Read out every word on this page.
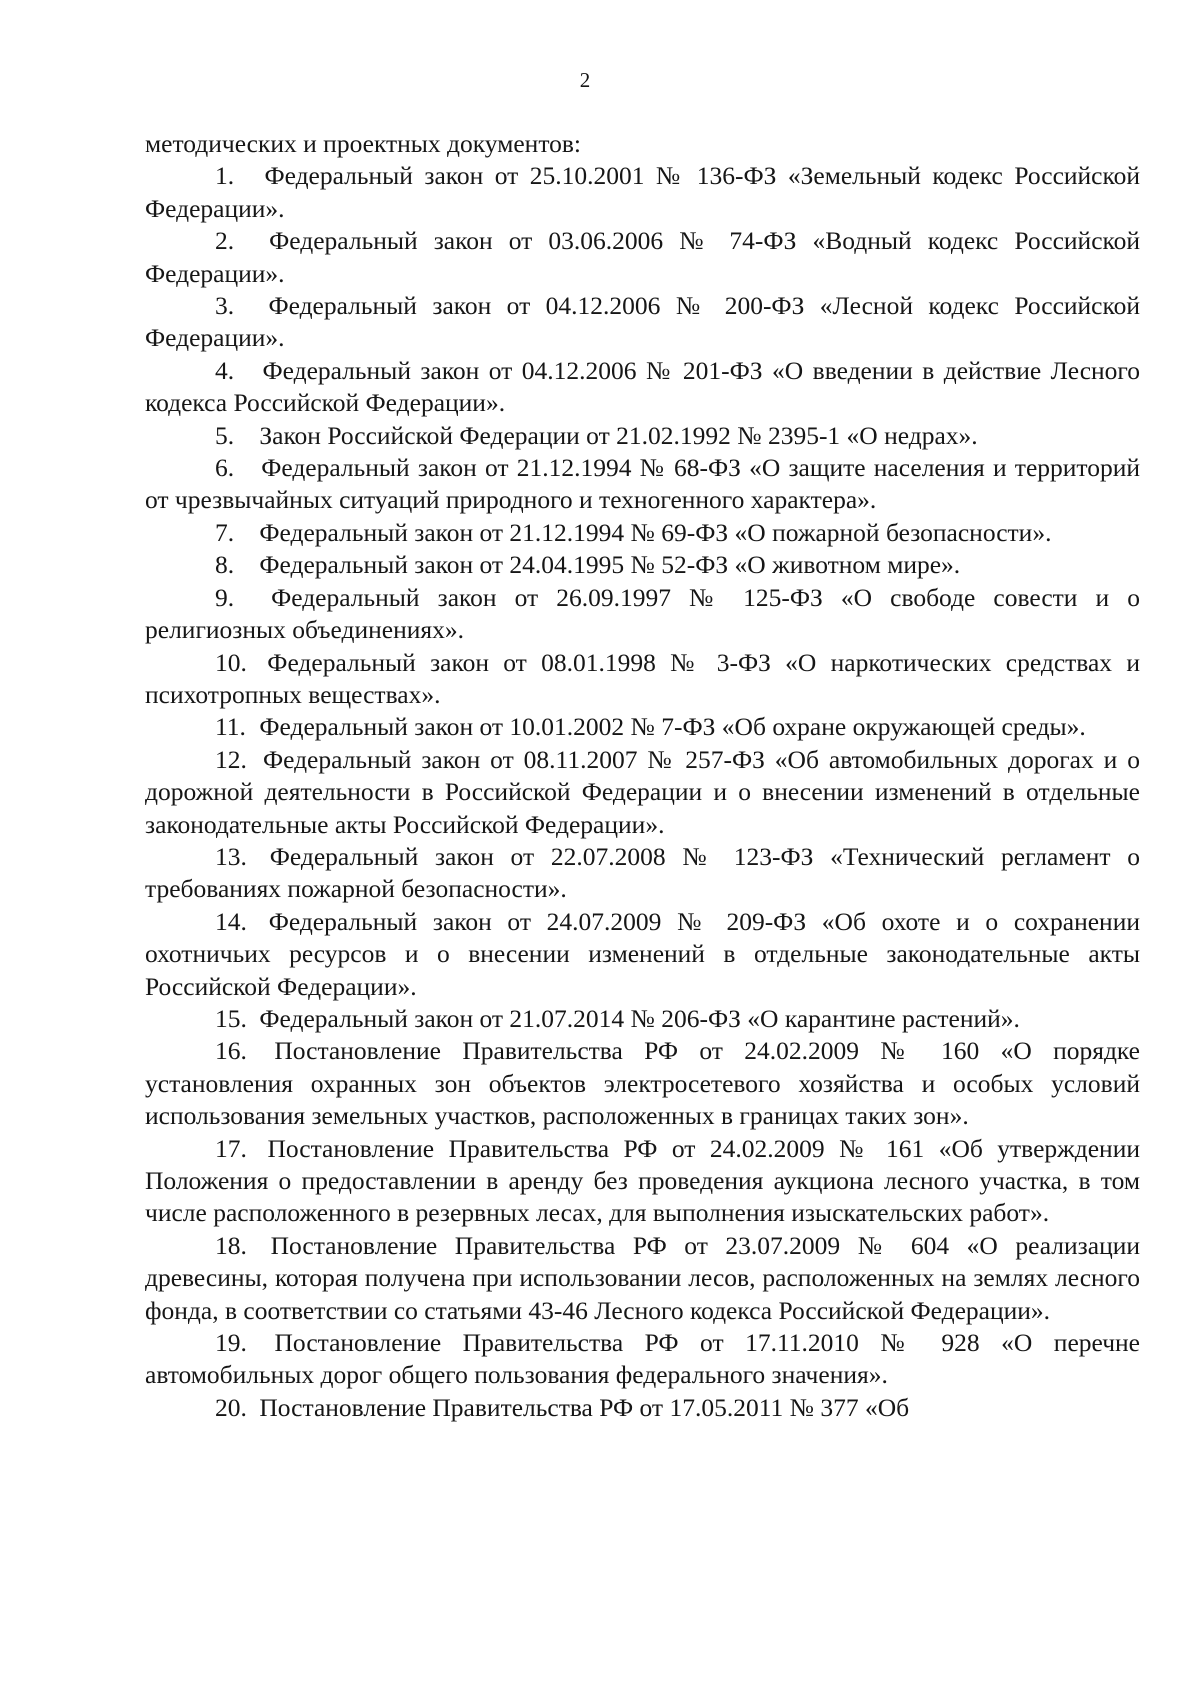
2

методических и проектных документов:

1. Федеральный закон от 25.10.2001 № 136-ФЗ «Земельный кодекс Российской Федерации».

2. Федеральный закон от 03.06.2006 № 74-ФЗ «Водный кодекс Российской Федерации».

3. Федеральный закон от 04.12.2006 № 200-ФЗ «Лесной кодекс Российской Федерации».

4. Федеральный закон от 04.12.2006 № 201-ФЗ «О введении в действие Лесного кодекса Российской Федерации».

5. Закон Российской Федерации от 21.02.1992 № 2395-1 «О недрах».

6. Федеральный закон от 21.12.1994 № 68-ФЗ «О защите населения и территорий от чрезвычайных ситуаций природного и техногенного характера».

7. Федеральный закон от 21.12.1994 № 69-ФЗ «О пожарной безопасности».

8. Федеральный закон от 24.04.1995 № 52-ФЗ «О животном мире».

9. Федеральный закон от 26.09.1997 № 125-ФЗ «О свободе совести и о религиозных объединениях».

10. Федеральный закон от 08.01.1998 № 3-ФЗ «О наркотических средствах и психотропных веществах».

11. Федеральный закон от 10.01.2002 № 7-ФЗ «Об охране окружающей среды».

12. Федеральный закон от 08.11.2007 № 257-ФЗ «Об автомобильных дорогах и о дорожной деятельности в Российской Федерации и о внесении изменений в отдельные законодательные акты Российской Федерации».

13. Федеральный закон от 22.07.2008 № 123-ФЗ «Технический регламент о требованиях пожарной безопасности».

14. Федеральный закон от 24.07.2009 № 209-ФЗ «Об охоте и о сохранении охотничьих ресурсов и о внесении изменений в отдельные законодательные акты Российской Федерации».

15. Федеральный закон от 21.07.2014 № 206-ФЗ «О карантине растений».

16. Постановление Правительства РФ от 24.02.2009 № 160 «О порядке установления охранных зон объектов электросетевого хозяйства и особых условий использования земельных участков, расположенных в границах таких зон».

17. Постановление Правительства РФ от 24.02.2009 № 161 «Об утверждении Положения о предоставлении в аренду без проведения аукциона лесного участка, в том числе расположенного в резервных лесах, для выполнения изыскательских работ».

18. Постановление Правительства РФ от 23.07.2009 № 604 «О реализации древесины, которая получена при использовании лесов, расположенных на землях лесного фонда, в соответствии со статьями 43-46 Лесного кодекса Российской Федерации».

19. Постановление Правительства РФ от 17.11.2010 № 928 «О перечне автомобильных дорог общего пользования федерального значения».

20. Постановление Правительства РФ от 17.05.2011 № 377 «Об
